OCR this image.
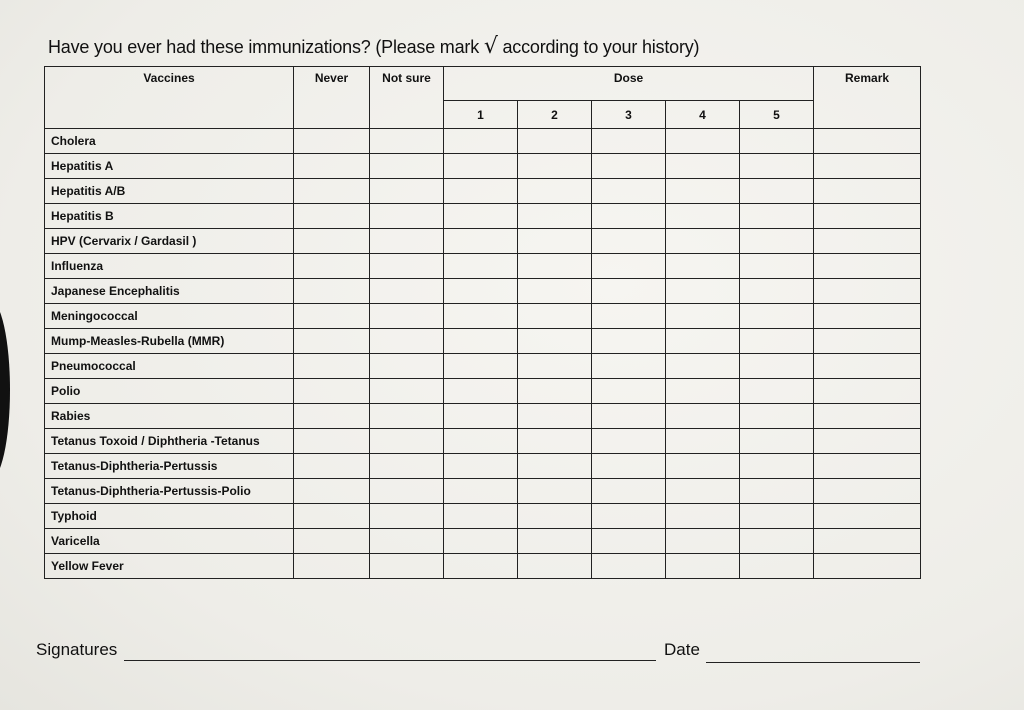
Have you ever had these immunizations? (Please mark √ according to your history)
Vaccines	Never	Not sure	Dose					Remark
			1	2	3	4	5	
Cholera								
Hepatitis A								
Hepatitis A/B								
Hepatitis B								
HPV (Cervarix / Gardasil )								
Influenza								
Japanese Encephalitis								
Meningococcal								
Mump-Measles-Rubella (MMR)								
Pneumococcal								
Polio								
Rabies								
Tetanus Toxoid / Diphtheria -Tetanus								
Tetanus-Diphtheria-Pertussis								
Tetanus-Diphtheria-Pertussis-Polio								
Typhoid								
Varicella								
Yellow Fever								
Signatures	Date
